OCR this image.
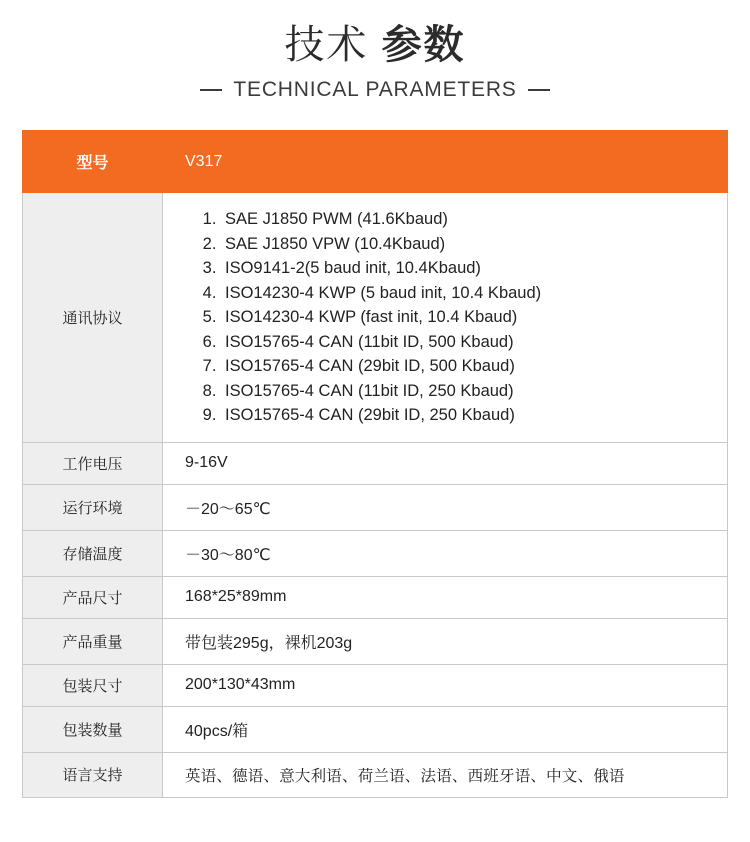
技术 参数
TECHNICAL PARAMETERS
型号	V317
通讯协议	
1. SAE J1850 PWM (41.6Kbaud)
2. SAE J1850 VPW (10.4Kbaud)
3. ISO9141-2(5 baud init, 10.4Kbaud)
4. ISO14230-4 KWP (5 baud init, 10.4 Kbaud)
5. ISO14230-4 KWP (fast init, 10.4 Kbaud)
6. ISO15765-4 CAN (11bit ID, 500 Kbaud)
7. ISO15765-4 CAN (29bit ID, 500 Kbaud)
8. ISO15765-4 CAN (11bit ID, 250 Kbaud)
9. ISO15765-4 CAN (29bit ID, 250 Kbaud)

工作电压	9-16V
运行环境	－20～65℃
存储温度	－30～80℃
产品尺寸	168*25*89mm
产品重量	带包装295g，裸机203g
包装尺寸	200*130*43mm
包装数量	40pcs/箱
语言支持	英语、德语、意大利语、荷兰语、法语、西班牙语、中文、俄语
